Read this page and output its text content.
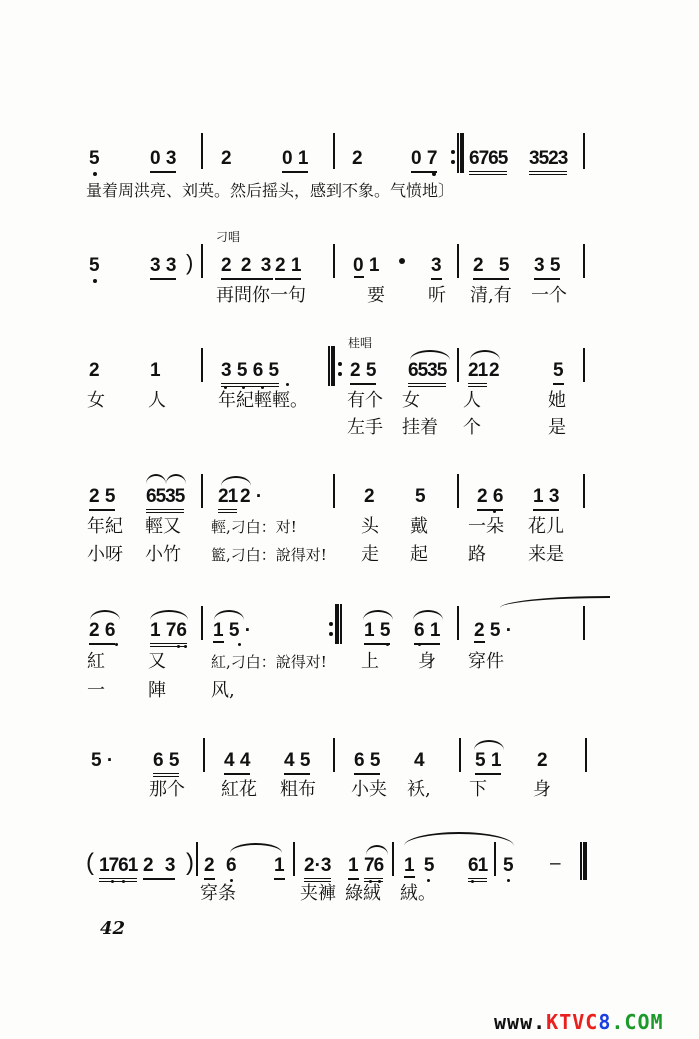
5	0 3 2	0 1 2	0 7 6765 3523
量着周洪亮、刘英。然后摇头，感到不象。气愤地〕
刁唱
5	3 3 ) 2 2 3 2 1	0 1	3 2 5 3 5
再問你一句	要 听 清,有 一个
桂唱
2	1	3 5 6 5	2 5 6535 21 2	5
女 人	年紀輕輕。 有个 女 人	她
左手 挂着 个	是
2 5 6535 21 2 ·	2 5	2 6 1 3
年紀 輕又 輕,刁白：对!	头 戴 一朵 花儿
小呀 小竹 籃,刁白：說得对! 走 起 路 来是
2 6 1 76 1 5 ·	1 5 6 1 2 5 ·
紅 又	紅,刁白：說得对! 上 身 穿件
一 陣	风,
5 · 6 5 4 4 4 5 6 5 4	5 1 2
那个 紅花 粗布 小夹 袄, 下	身
( 1761 2 3 ) 2 6 1 2·3 1 76 1 5 61 5 –
穿条	夹褲 綠絨 絨。
42
www.KTVC8.COM
